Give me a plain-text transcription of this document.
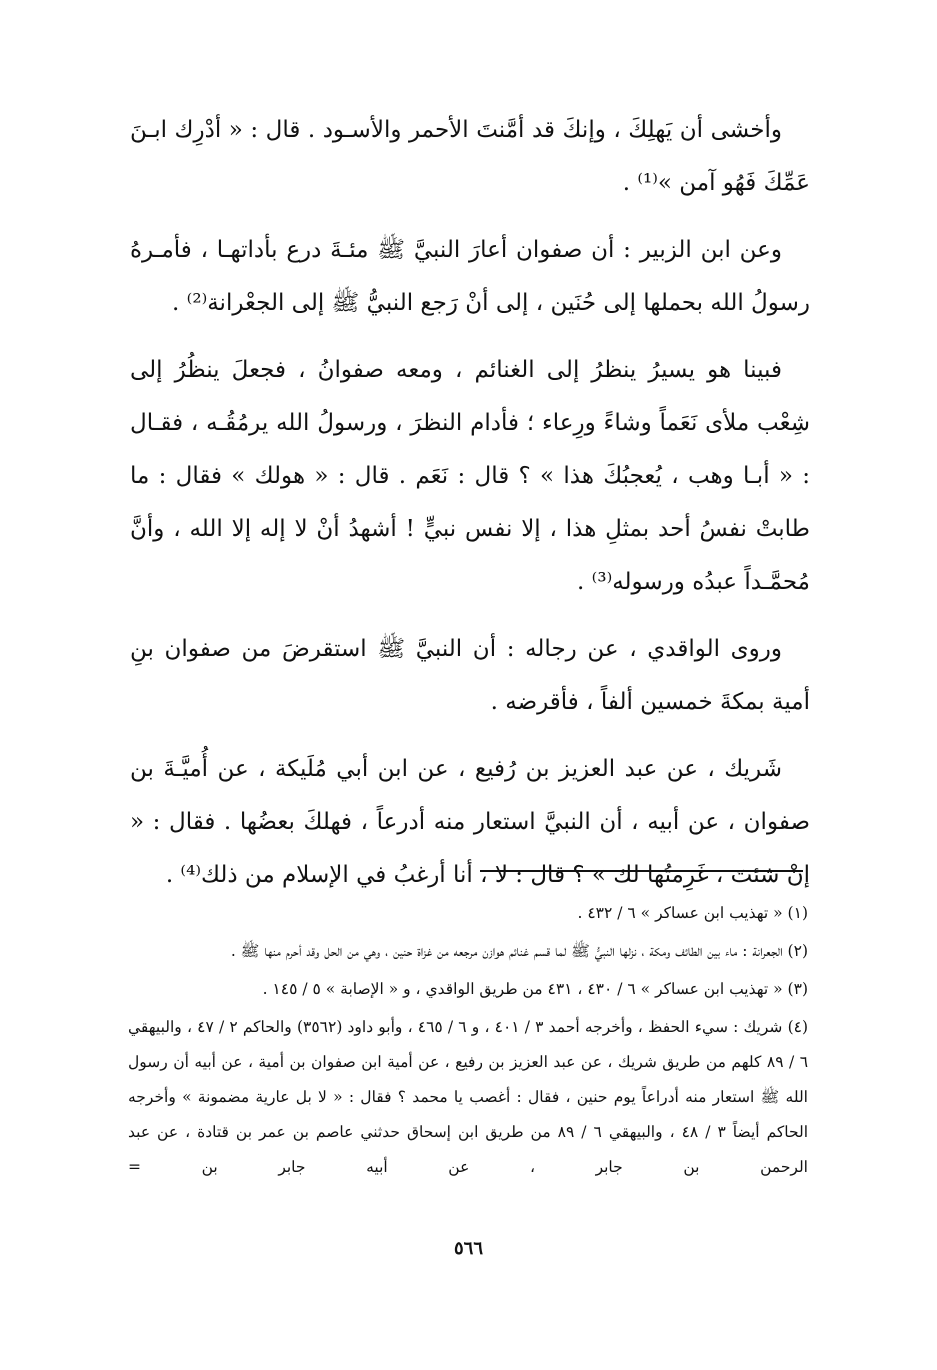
وأخشى أن يَهلِكَ ، وإنكَ قد أمَّنتَ الأحمر والأسـود . قال : « أدْرِك ابـنَ عَمِّكَ فَهُو آمن »⁽¹⁾ .

وعن ابن الزبير : أن صفوان أعارَ النبيَّ ﷺ مئـةَ درع بأداتهـا ، فأمـرهُ رسولُ الله بحملها إلى حُنَين ، إلى أنْ رَجع النبيُّ ﷺ إلى الجعْرانة⁽²⁾ .

فبينا هو يسيرُ ينظرُ إلى الغنائم ، ومعه صفوانُ ، فجعلَ ينظُرُ إلى شِعْب ملأى نَعَماً وشاءً ورِعاء ؛ فأدام النظرَ ، ورسولُ الله يرمُقُـه ، فقـال : « أبـا وهب ، يُعجبُكَ هذا » ؟ قال : نَعَم . قال : « هولك » فقال : ما طابتْ نفسُ أحد بمثلِ هذا ، إلا نفس نبيٍّ ! أشهدُ أنْ لا إله إلا الله ، وأنَّ مُحمَّـداً عبدُه ورسوله⁽³⁾ .

وروى الواقدي ، عن رجاله : أن النبيَّ ﷺ استقرضَ من صفوان بنِ أمية بمكةَ خمسين ألفاً ، فأقرضه .

شَريك ، عن عبد العزيز بن رُفيع ، عن ابن أبي مُلَيكة ، عن أُميَّـةَ بن صفوان ، عن أبيه ، أن النبيَّ استعار منه أدرعاً ، فهلكَ بعضُها . فقال : « إنْ شئتَ ، غَرِمتُها لك » ؟ قال : لا ، أنا أرغبُ في الإسلام من ذلك⁽⁴⁾ .

(١) « تهذيب ابن عساكر » ٦ / ٤٣٢ .

(٢) الجعرانة : ماء بين الطائف ومكة ، نزلها النبيُّ ﷺ لما قسم غنائم هوازن مرجعه من غزاة حنين ، وهي من الحل وقد أحرم منها ﷺ .

(٣) « تهذيب ابن عساكر » ٦ / ٤٣٠ ، ٤٣١ من طريق الواقدي ، و « الإصابة » ٥ / ١٤٥ .

(٤) شريك : سيء الحفظ ، وأخرجه أحمد ٣ / ٤٠١ ، و ٦ / ٤٦٥ ، وأبو داود (٣٥٦٢) والحاكم ٢ / ٤٧ ، والبيهقي ٦ / ٨٩ كلهم من طريق شريك ، عن عبد العزيز بن رفيع ، عن أمية ابن صفوان بن أمية ، عن أبيه أن رسول الله ﷺ استعار منه أدراعاً يوم حنين ، فقال : أغصب يا محمد ؟ فقال : « لا بل عارية مضمونة » وأخرجه الحاكم أيضاً ٣ / ٤٨ ، والبيهقي ٦ / ٨٩ من طريق ابن إسحاق حدثني عاصم بن عمر بن قتادة ، عن عبد الرحمن بن جابر ، عن أبيه جابر بن =

٥٦٦
